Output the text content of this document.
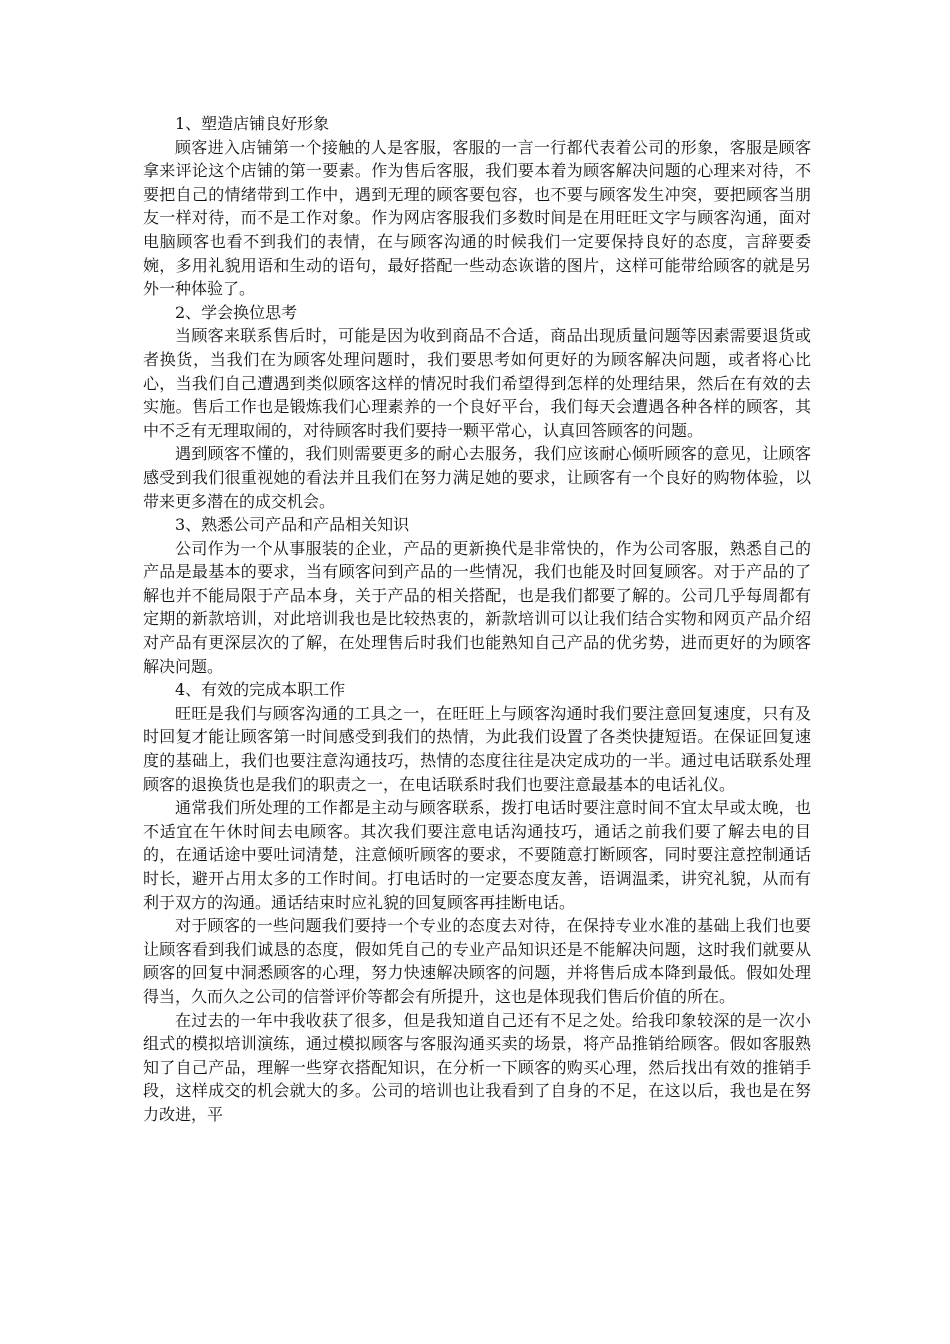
1、塑造店铺良好形象

顾客进入店铺第一个接触的人是客服，客服的一言一行都代表着公司的形象，客服是顾客拿来评论这个店铺的第一要素。作为售后客服，我们要本着为顾客解决问题的心理来对待，不要把自己的情绪带到工作中，遇到无理的顾客要包容，也不要与顾客发生冲突，要把顾客当朋友一样对待，而不是工作对象。作为网店客服我们多数时间是在用旺旺文字与顾客沟通，面对电脑顾客也看不到我们的表情，在与顾客沟通的时候我们一定要保持良好的态度，言辞要委婉，多用礼貌用语和生动的语句，最好搭配一些动态诙谐的图片，这样可能带给顾客的就是另外一种体验了。

2、学会换位思考

当顾客来联系售后时，可能是因为收到商品不合适，商品出现质量问题等因素需要退货或者换货，当我们在为顾客处理问题时，我们要思考如何更好的为顾客解决问题，或者将心比心，当我们自己遭遇到类似顾客这样的情况时我们希望得到怎样的处理结果，然后在有效的去实施。售后工作也是锻炼我们心理素养的一个良好平台，我们每天会遭遇各种各样的顾客，其中不乏有无理取闹的，对待顾客时我们要持一颗平常心，认真回答顾客的问题。

遇到顾客不懂的，我们则需要更多的耐心去服务，我们应该耐心倾听顾客的意见，让顾客感受到我们很重视她的看法并且我们在努力满足她的要求，让顾客有一个良好的购物体验，以带来更多潜在的成交机会。

3、熟悉公司产品和产品相关知识

公司作为一个从事服装的企业，产品的更新换代是非常快的，作为公司客服，熟悉自己的产品是最基本的要求，当有顾客问到产品的一些情况，我们也能及时回复顾客。对于产品的了解也并不能局限于产品本身，关于产品的相关搭配，也是我们都要了解的。公司几乎每周都有定期的新款培训，对此培训我也是比较热衷的，新款培训可以让我们结合实物和网页产品介绍对产品有更深层次的了解，在处理售后时我们也能熟知自己产品的优劣势，进而更好的为顾客解决问题。

4、有效的完成本职工作

旺旺是我们与顾客沟通的工具之一，在旺旺上与顾客沟通时我们要注意回复速度，只有及时回复才能让顾客第一时间感受到我们的热情，为此我们设置了各类快捷短语。在保证回复速度的基础上，我们也要注意沟通技巧，热情的态度往往是决定成功的一半。通过电话联系处理顾客的退换货也是我们的职责之一，在电话联系时我们也要注意最基本的电话礼仪。

通常我们所处理的工作都是主动与顾客联系，拨打电话时要注意时间不宜太早或太晚，也不适宜在午休时间去电顾客。其次我们要注意电话沟通技巧，通话之前我们要了解去电的目的，在通话途中要吐词清楚，注意倾听顾客的要求，不要随意打断顾客，同时要注意控制通话时长，避开占用太多的工作时间。打电话时的一定要态度友善，语调温柔，讲究礼貌，从而有利于双方的沟通。通话结束时应礼貌的回复顾客再挂断电话。

对于顾客的一些问题我们要持一个专业的态度去对待，在保持专业水准的基础上我们也要让顾客看到我们诚恳的态度，假如凭自己的专业产品知识还是不能解决问题，这时我们就要从顾客的回复中洞悉顾客的心理，努力快速解决顾客的问题，并将售后成本降到最低。假如处理得当，久而久之公司的信誉评价等都会有所提升，这也是体现我们售后价值的所在。

在过去的一年中我收获了很多，但是我知道自己还有不足之处。给我印象较深的是一次小组式的模拟培训演练，通过模拟顾客与客服沟通买卖的场景，将产品推销给顾客。假如客服熟知了自己产品，理解一些穿衣搭配知识，在分析一下顾客的购买心理，然后找出有效的推销手段，这样成交的机会就大的多。公司的培训也让我看到了自身的不足，在这以后，我也是在努力改进，平
